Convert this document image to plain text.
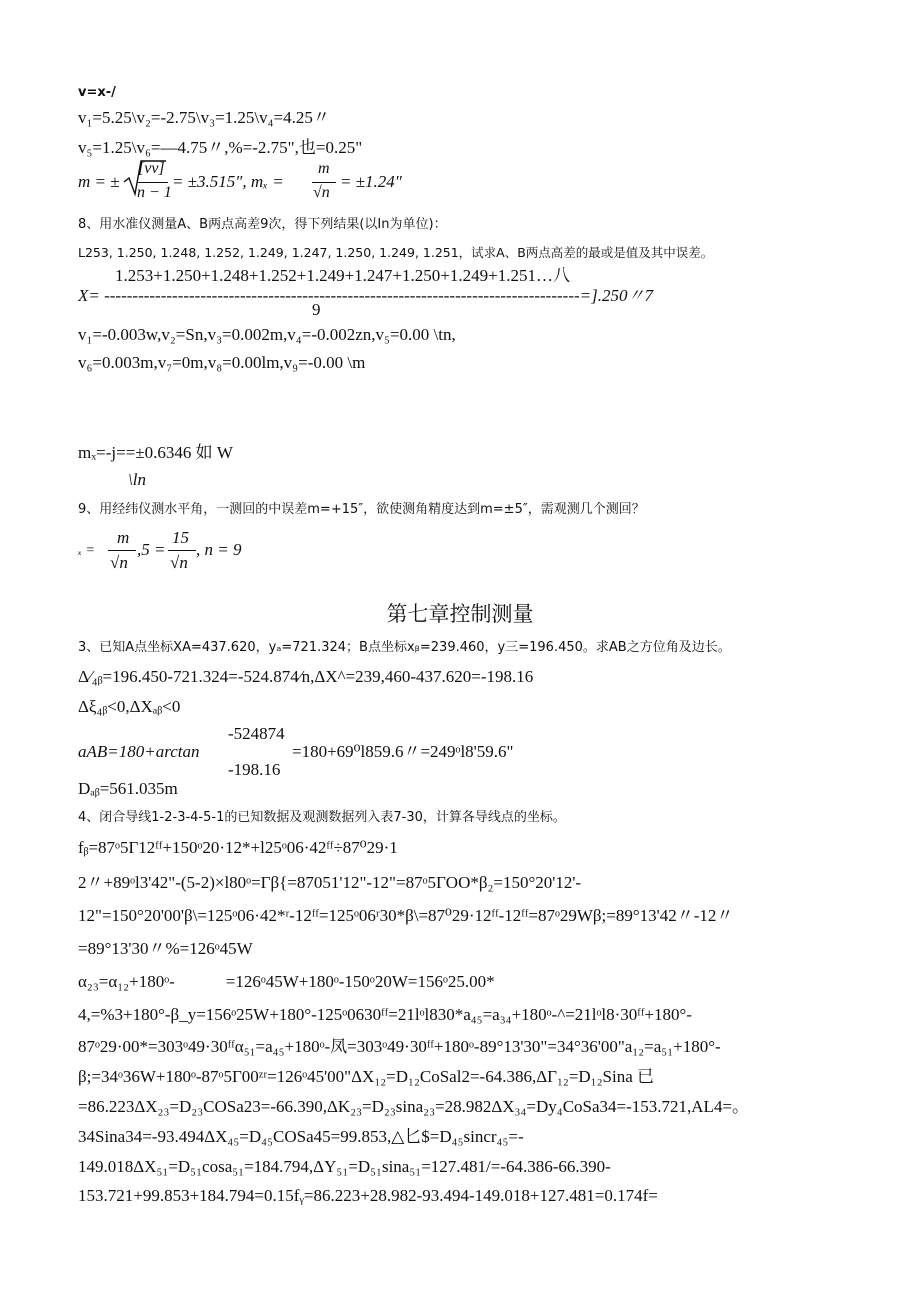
v=x-/
v₁=5.25\v₂=-2.75\v₃=1.25\v₄=4.25〃
v₅=1.25\v₆=—4.75〃,%=-2.75",也=0.25"
m = ±
[vv]
n − 1
= ±3.515″, mₓ =
m
√n
= ±1.24″
8、用水准仪测量A、B两点高差9次，得下列结果(以In为单位)：
L253, 1.250, 1.248, 1.252, 1.249, 1.247, 1.250, 1.249, 1.251，试求A、B两点高差的最或是值及其中误差。
1.253+1.250+1.248+1.252+1.249+1.247+1.250+1.249+1.251…八
X= ------------------------------------------------------------------------------------=].250〃7
9
v₁=-0.003w,v₂=Sn,v₃=0.002m,v₄=-0.002zn,v₅=0.00 \tn,
v₆=0.003m,v₇=0m,v₈=0.00lm,v₉=-0.00 \m
mₓ=-j==±0.6346 如 W
\ln
9、用经纬仪测水平角，一测回的中误差m=+15″，欲使测角精度达到m=±5″，需观测几个测回？
ₓ =
m
√n
,5 =
15
√n
, n = 9
第七章控制测量
3、已知A点坐标XA=437.620，yₐ=721.324；B点坐标xᵦ=239.460，y三=196.450。求AB之方位角及边长。
Δ∕₄ᵦ=196.450-721.324=-524.874∕n,ΔX^=239,460-437.620=-198.16
Δξ₄ᵦ<0,ΔXₐᵦ<0
-524874
aAB=180+arctan	=180+69⁰l859.6〃=249ᵒl8'59.6"
-198.16
Dₐᵦ=561.035m
4、闭合导线1-2-3-4-5-1的已知数据及观测数据列入表7-30，计算各导线点的坐标。
fᵦ=87ᵒ5Γ12ᶠᶠ+150ᵒ20·12*+l25ᵒ06·42ᶠᶠ÷87⁰29·1
2〃+89ᵒl3'42"-(5-2)×l80ᵒ=Γβ{=87051'12"-12"=87ᵒ5ΓOO*β₂=150°20'12'-
12"=150°20'00'β\=125ᵒ06·42*ʳ-12ᶠᶠ=125ᵒ06ʳ30*β\=87⁰29·12ᶠᶠ-12ᶠᶠ=87ᵒ29Wβ;=89°13'42〃-12〃
=89°13'30〃%=126ᵒ45W
α₂₃=α₁₂+180ᵒ-            =126ᵒ45W+180ᵒ-150ᵒ20W=156ᵒ25.00*
4,=%3+180°-β_y=156ᵒ25W+180°-125ᵒ0630ᶠᶠ=21lᵒl830*a₄₅=a₃₄+180ᵒ-^=21lᵒl8·30ᶠᶠ+180°-
87ᵒ29·00*=303ᵒ49·30ᶠᶠα₅₁=a₄₅+180ᵒ-凤=303ᵒ49·30ᶠᶠ+180ᵒ-89°13'30"=34°36'00"a₁₂=a₅₁+180°-
β;=34ᵒ36W+180ᵒ-87ᵒ5Γ00ᶻʳ=126ᵒ45'00"ΔX₁₂=D₁₂CoSal2=-64.386,ΔΓ₁₂=D₁₂Sina 已
=86.223ΔX₂₃=D₂₃COSa23=-66.390,ΔK₂₃=D₂₃sina₂₃=28.982ΔX₃₄=Dy₄CoSa34=-153.721,AL4=。
34Sina34=-93.494ΔX₄₅=D₄₅COSa45=99.853,△匕$=D₄₅sincr₄₅=-
149.018ΔX₅₁=D₅₁cosa₅₁=184.794,ΔY₅₁=D₅₁sina₅₁=127.481/=-64.386-66.390-
153.721+99.853+184.794=0.15fᵧ=86.223+28.982-93.494-149.018+127.481=0.174f=
